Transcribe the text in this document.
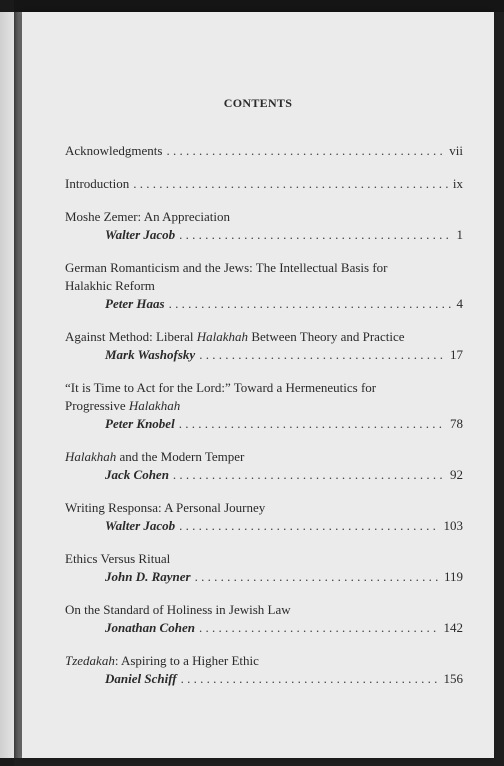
CONTENTS
Acknowledgments . . .	vii
Introduction . . .	ix
Moshe Zemer: An Appreciation
Walter Jacob . . .	1
German Romanticism and the Jews: The Intellectual Basis for
Halakhic Reform
Peter Haas . . .	4
Against Method: Liberal Halakhah Between Theory and Practice
Mark Washofsky . . .	17
“It is Time to Act for the Lord:” Toward a Hermeneutics for
Progressive Halakhah
Peter Knobel . . .	78
Halakhah and the Modern Temper
Jack Cohen . . .	92
Writing Responsa: A Personal Journey
Walter Jacob . . .	103
Ethics Versus Ritual
John D. Rayner . . .	119
On the Standard of Holiness in Jewish Law
Jonathan Cohen . . .	142
Tzedakah: Aspiring to a Higher Ethic
Daniel Schiff . . .	156
